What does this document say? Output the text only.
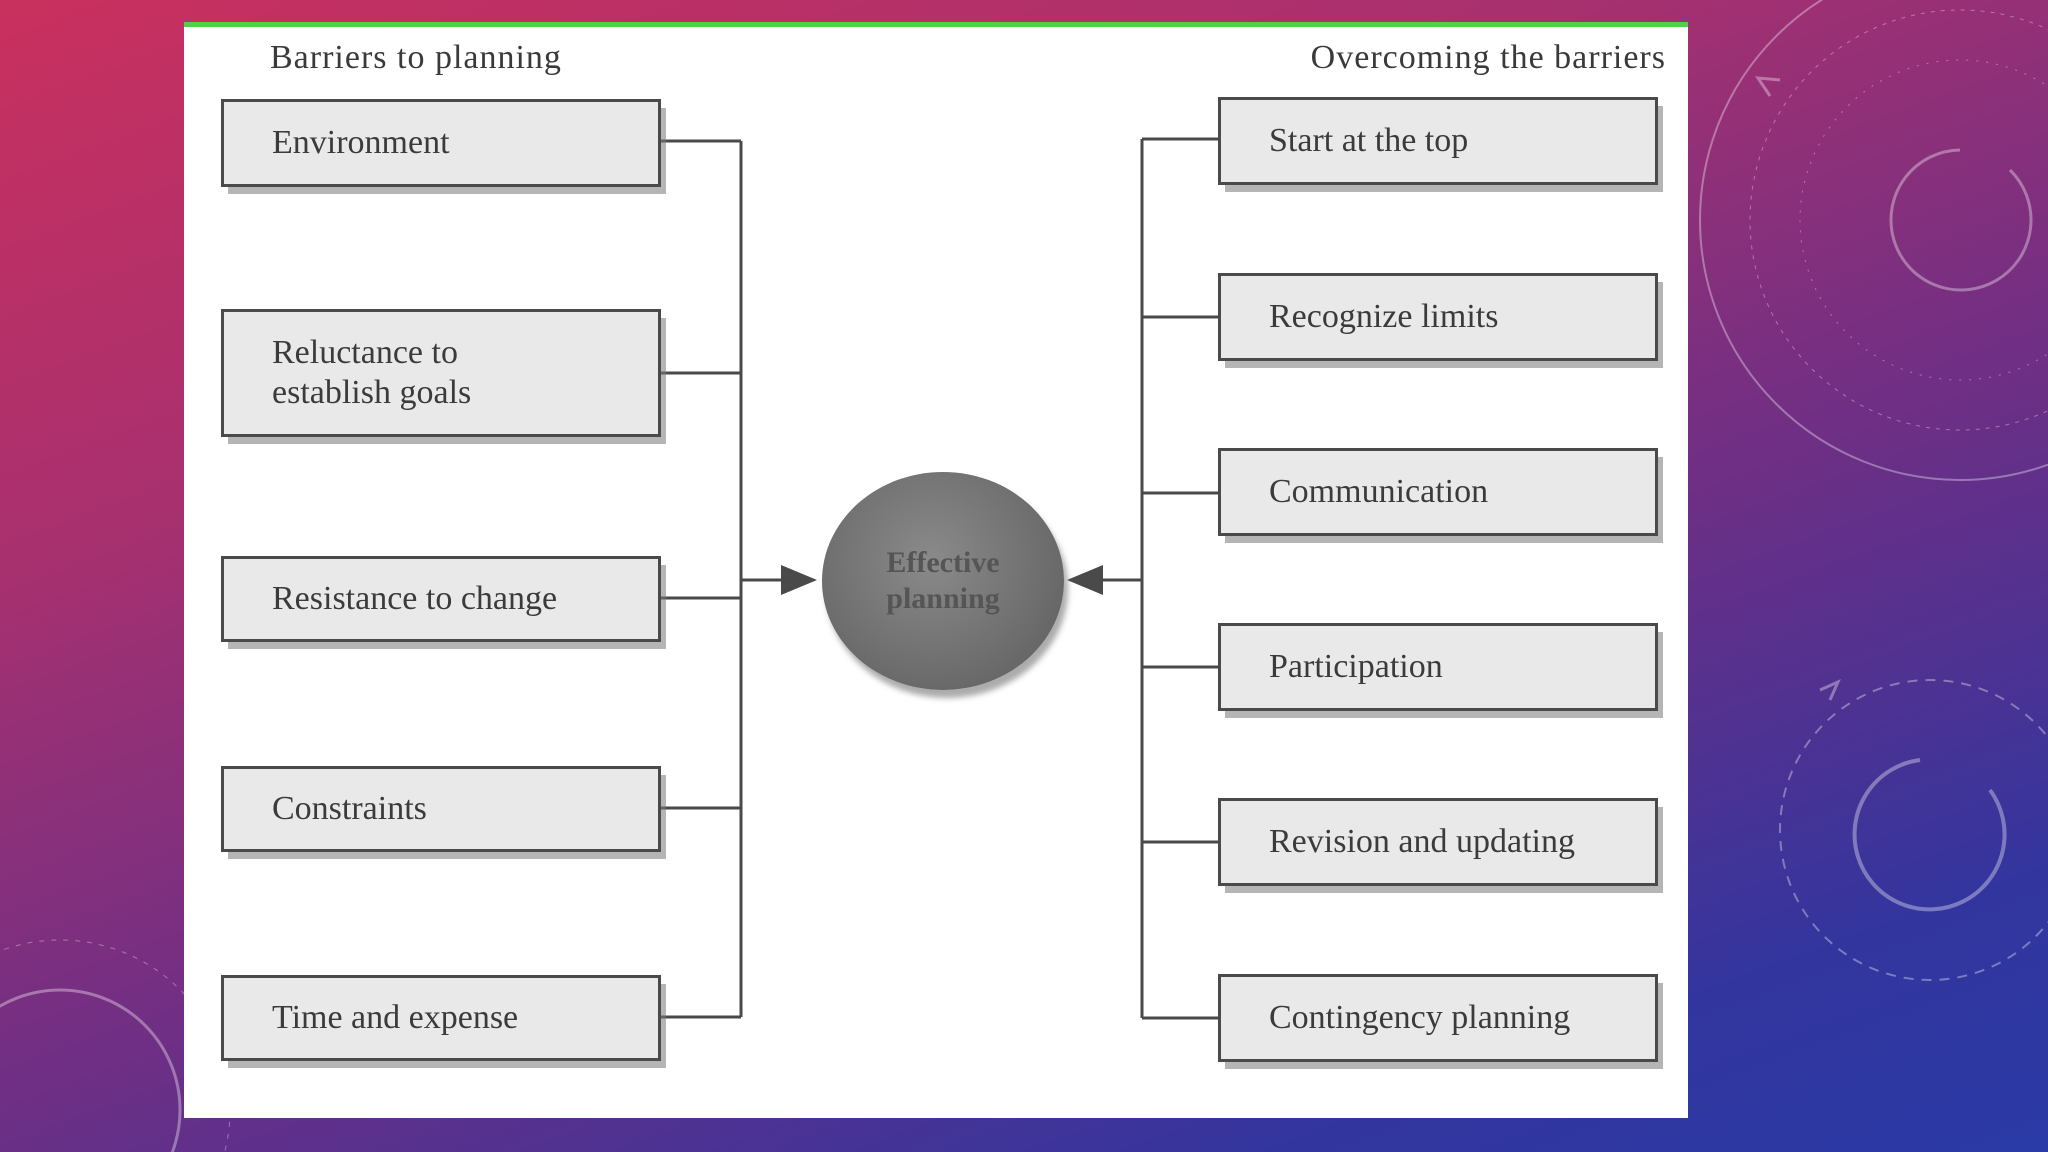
Barriers to planning	Overcoming the barriers
Environment
Reluctance to
establish goals
Resistance to change
Constraints
Time and expense
Effective
planning
Start at the top
Recognize limits
Communication
Participation
Revision and updating
Contingency planning
